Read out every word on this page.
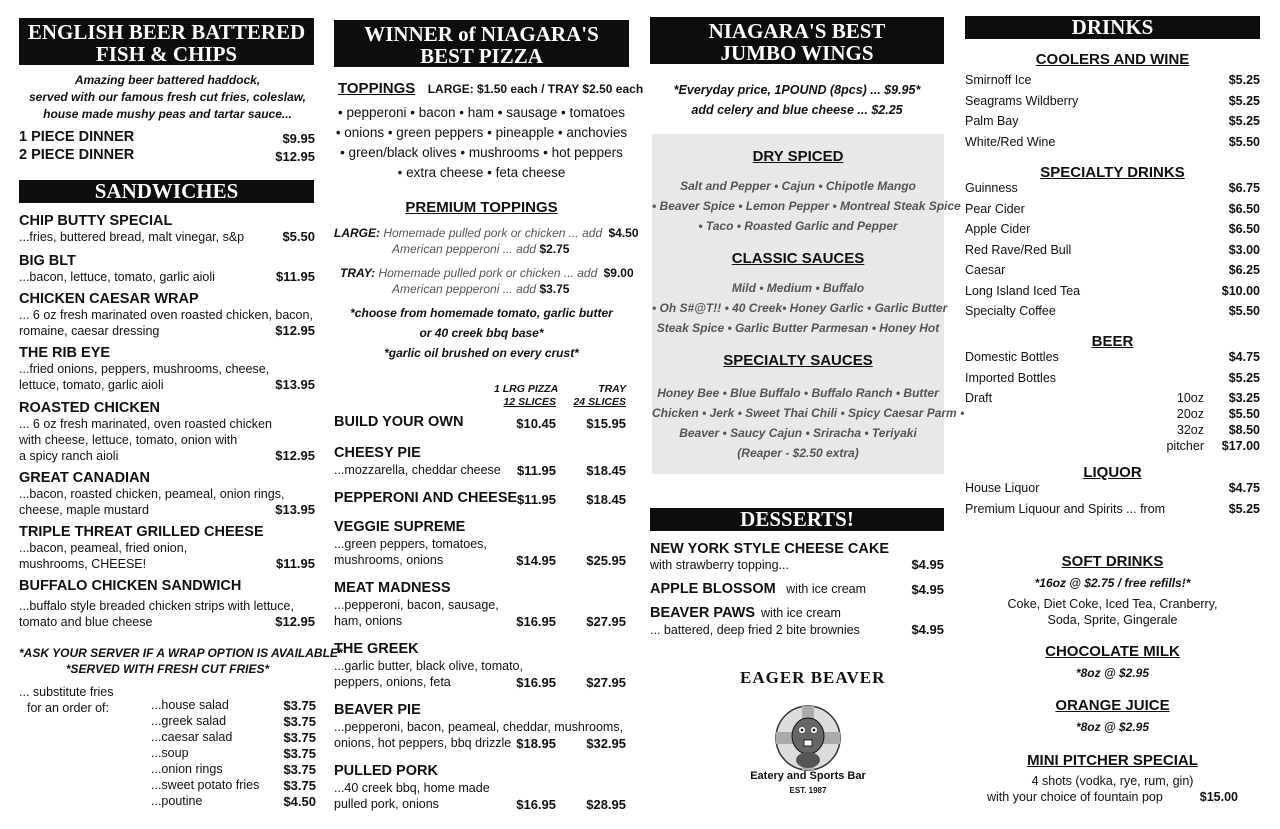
ENGLISH BEER BATTERED
FISH & CHIPS
Amazing beer battered haddock,
served with our famous fresh cut fries, coleslaw,
house made mushy peas and tartar sauce...
1 PIECE DINNER	$9.95
2 PIECE DINNER	$12.95
SANDWICHES
CHIP BUTTY SPECIAL
...fries, buttered bread, malt vinegar, s&p	$5.50
BIG BLT
...bacon, lettuce, tomato, garlic aioli	$11.95
CHICKEN CAESAR WRAP
... 6 oz fresh marinated oven roasted chicken, bacon,
romaine, caesar dressing	$12.95
THE RIB EYE
...fried onions, peppers, mushrooms, cheese,
lettuce, tomato, garlic aioli	$13.95
ROASTED CHICKEN
... 6 oz fresh marinated, oven roasted chicken
with cheese, lettuce, tomato, onion with
a spicy ranch aioli	$12.95
GREAT CANADIAN
...bacon, roasted chicken, peameal, onion rings,
cheese, maple mustard	$13.95
TRIPLE THREAT GRILLED CHEESE
...bacon, peameal, fried onion,
mushrooms, CHEESE!	$11.95
BUFFALO CHICKEN SANDWICH
...buffalo style breaded chicken strips with lettuce,
tomato and blue cheese	$12.95
*ASK YOUR SERVER IF A WRAP OPTION IS AVAILABLE*
*SERVED WITH FRESH CUT FRIES*
... substitute fries
for an order of:	...house salad	$3.75
...greek salad	$3.75
...caesar salad	$3.75
...soup	$3.75
...onion rings	$3.75
...sweet potato fries $3.75
...poutine	$4.50
WINNER of NIAGARA'S
BEST PIZZA
TOPPINGS LARGE: $1.50 each / TRAY $2.50 each
• pepperoni • bacon • ham • sausage • tomatoes
• onions • green peppers • pineapple • anchovies
• green/black olives • mushrooms • hot peppers
• extra cheese • feta cheese
PREMIUM TOPPINGS
LARGE: Homemade pulled pork or chicken ... add $4.50
American pepperoni ... add $2.75
TRAY: Homemade pulled pork or chicken ... add $9.00
American pepperoni ... add $3.75
*choose from homemade tomato, garlic butter
or 40 creek bbq base*
*garlic oil brushed on every crust*
1 LRG PIZZA
12 SLICES
TRAY
24 SLICES
BUILD YOUR OWN	$10.45 $15.95
CHEESY PIE
...mozzarella, cheddar cheese $11.95 $18.45
PEPPERONI AND CHEESE $11.95 $18.45
VEGGIE SUPREME
...green peppers, tomatoes,
mushrooms, onions	$14.95 $25.95
MEAT MADNESS
...pepperoni, bacon, sausage,
ham, onions	$16.95 $27.95
THE GREEK
...garlic butter, black olive, tomato,
peppers, onions, feta	$16.95 $27.95
BEAVER PIE
...pepperoni, bacon, peameal, cheddar, mushrooms,
onions, hot peppers, bbq drizzle $18.95 $32.95
PULLED PORK
...40 creek bbq, home made
pulled pork, onions	$16.95 $28.95
NIAGARA'S BEST
JUMBO WINGS
*Everyday price, 1POUND (8pcs) ... $9.95*
add celery and blue cheese ... $2.25
DRY SPICED
Salt and Pepper • Cajun • Chipotle Mango
• Beaver Spice • Lemon Pepper • Montreal Steak Spice
• Taco • Roasted Garlic and Pepper
CLASSIC SAUCES
Mild • Medium • Buffalo
• Oh S#@T!! • 40 Creek• Honey Garlic • Garlic Butter
Steak Spice • Garlic Butter Parmesan • Honey Hot
SPECIALTY SAUCES
Honey Bee • Blue Buffalo • Buffalo Ranch • Butter
Chicken • Jerk • Sweet Thai Chili • Spicy Caesar Parm •
Beaver • Saucy Cajun • Sriracha • Teriyaki
(Reaper - $2.50 extra)
DESSERTS!
NEW YORK STYLE CHEESE CAKE
with strawberry topping...	$4.95
APPLE BLOSSOM with ice cream	$4.95
BEAVER PAWS with ice cream
... battered, deep fried 2 bite brownies	$4.95
EAGER BEAVER
Eatery and Sports Bar
EST. 1987
DRINKS
COOLERS AND WINE
Smirnoff Ice	$5.25
Seagrams Wildberry	$5.25
Palm Bay	$5.25
White/Red Wine	$5.50
SPECIALTY DRINKS
Guinness	$6.75
Pear Cider	$6.50
Apple Cider	$6.50
Red Rave/Red Bull	$3.00
Caesar	$6.25
Long Island Iced Tea	$10.00
Specialty Coffee	$5.50
BEER
Domestic Bottles	$4.75
Imported Bottles	$5.25
Draft	10oz $3.25
20oz $5.50
32oz $8.50
pitcher $17.00
LIQUOR
House Liquor	$4.75
Premium Liquour and Spirits ... from	$5.25
SOFT DRINKS
*16oz @ $2.75 / free refills!*
Coke, Diet Coke, Iced Tea, Cranberry,
Soda, Sprite, Gingerale
CHOCOLATE MILK
*8oz @ $2.95
ORANGE JUICE
*8oz @ $2.95
MINI PITCHER SPECIAL
4 shots (vodka, rye, rum, gin)
with your choice of fountain pop	$15.00
